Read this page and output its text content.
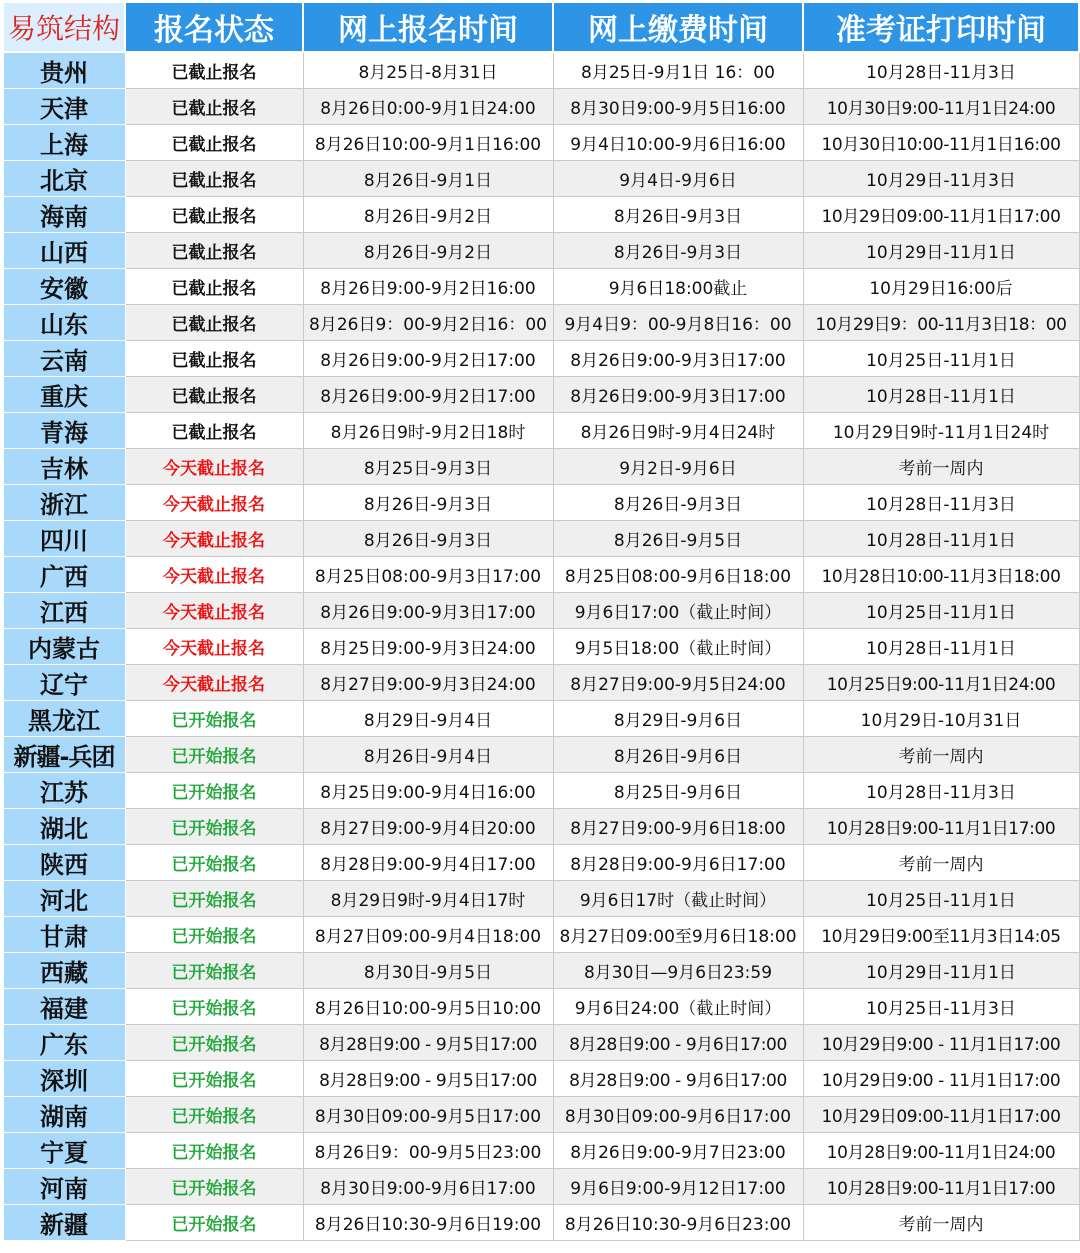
易筑结构	报名状态	网上报名时间	网上缴费时间	准考证打印时间
贵州	已截止报名	8月25日-8月31日	8月25日-9月1日 16：00	10月28日-11月3日
天津	已截止报名	8月26日0:00-9月1日24:00	8月30日9:00-9月5日16:00	10月30日9:00-11月1日24:00
上海	已截止报名	8月26日10:00-9月1日16:00	9月4日10:00-9月6日16:00	10月30日10:00-11月1日16:00
北京	已截止报名	8月26日-9月1日	9月4日-9月6日	10月29日-11月3日
海南	已截止报名	8月26日-9月2日	8月26日-9月3日	10月29日09:00-11月1日17:00
山西	已截止报名	8月26日-9月2日	8月26日-9月3日	10月29日-11月1日
安徽	已截止报名	8月26日9:00-9月2日16:00	9月6日18:00截止	10月29日16:00后
山东	已截止报名	8月26日9：00-9月2日16：00	9月4日9：00-9月8日16：00	10月29日9：00-11月3日18：00
云南	已截止报名	8月26日9:00-9月2日17:00	8月26日9:00-9月3日17:00	10月25日-11月1日
重庆	已截止报名	8月26日9:00-9月2日17:00	8月26日9:00-9月3日17:00	10月28日-11月1日
青海	已截止报名	8月26日9时-9月2日18时	8月26日9时-9月4日24时	10月29日9时-11月1日24时
吉林	今天截止报名	8月25日-9月3日	9月2日-9月6日	考前一周内
浙江	今天截止报名	8月26日-9月3日	8月26日-9月3日	10月28日-11月3日
四川	今天截止报名	8月26日-9月3日	8月26日-9月5日	10月28日-11月1日
广西	今天截止报名	8月25日08:00-9月3日17:00	8月25日08:00-9月6日18:00	10月28日10:00-11月3日18:00
江西	今天截止报名	8月26日9:00-9月3日17:00	9月6日17:00（截止时间）	10月25日-11月1日
内蒙古	今天截止报名	8月25日9:00-9月3日24:00	9月5日18:00（截止时间）	10月28日-11月1日
辽宁	今天截止报名	8月27日9:00-9月3日24:00	8月27日9:00-9月5日24:00	10月25日9:00-11月1日24:00
黑龙江	已开始报名	8月29日-9月4日	8月29日-9月6日	10月29日-10月31日
新疆-兵团	已开始报名	8月26日-9月4日	8月26日-9月6日	考前一周内
江苏	已开始报名	8月25日9:00-9月4日16:00	8月25日-9月6日	10月28日-11月3日
湖北	已开始报名	8月27日9:00-9月4日20:00	8月27日9:00-9月6日18:00	10月28日9:00-11月1日17:00
陕西	已开始报名	8月28日9:00-9月4日17:00	8月28日9:00-9月6日17:00	考前一周内
河北	已开始报名	8月29日9时-9月4日17时	9月6日17时（截止时间）	10月25日-11月1日
甘肃	已开始报名	8月27日09:00-9月4日18:00	8月27日09:00至9月6日18:00	10月29日9:00至11月3日14:05
西藏	已开始报名	8月30日-9月5日	8月30日—9月6日23:59	10月29日-11月1日
福建	已开始报名	8月26日10:00-9月5日10:00	9月6日24:00（截止时间）	10月25日-11月3日
广东	已开始报名	8月28日9:00 - 9月5日17:00	8月28日9:00 - 9月6日17:00	10月29日9:00 - 11月1日17:00
深圳	已开始报名	8月28日9:00 - 9月5日17:00	8月28日9:00 - 9月6日17:00	10月29日9:00 - 11月1日17:00
湖南	已开始报名	8月30日09:00-9月5日17:00	8月30日09:00-9月6日17:00	10月29日09:00-11月1日17:00
宁夏	已开始报名	8月26日9：00-9月5日23:00	8月26日9:00-9月7日23:00	10月28日9:00-11月1日24:00
河南	已开始报名	8月30日9:00-9月6日17:00	9月6日9:00-9月12日17:00	10月28日9:00-11月1日17:00
新疆	已开始报名	8月26日10:30-9月6日19:00	8月26日10:30-9月6日23:00	考前一周内
